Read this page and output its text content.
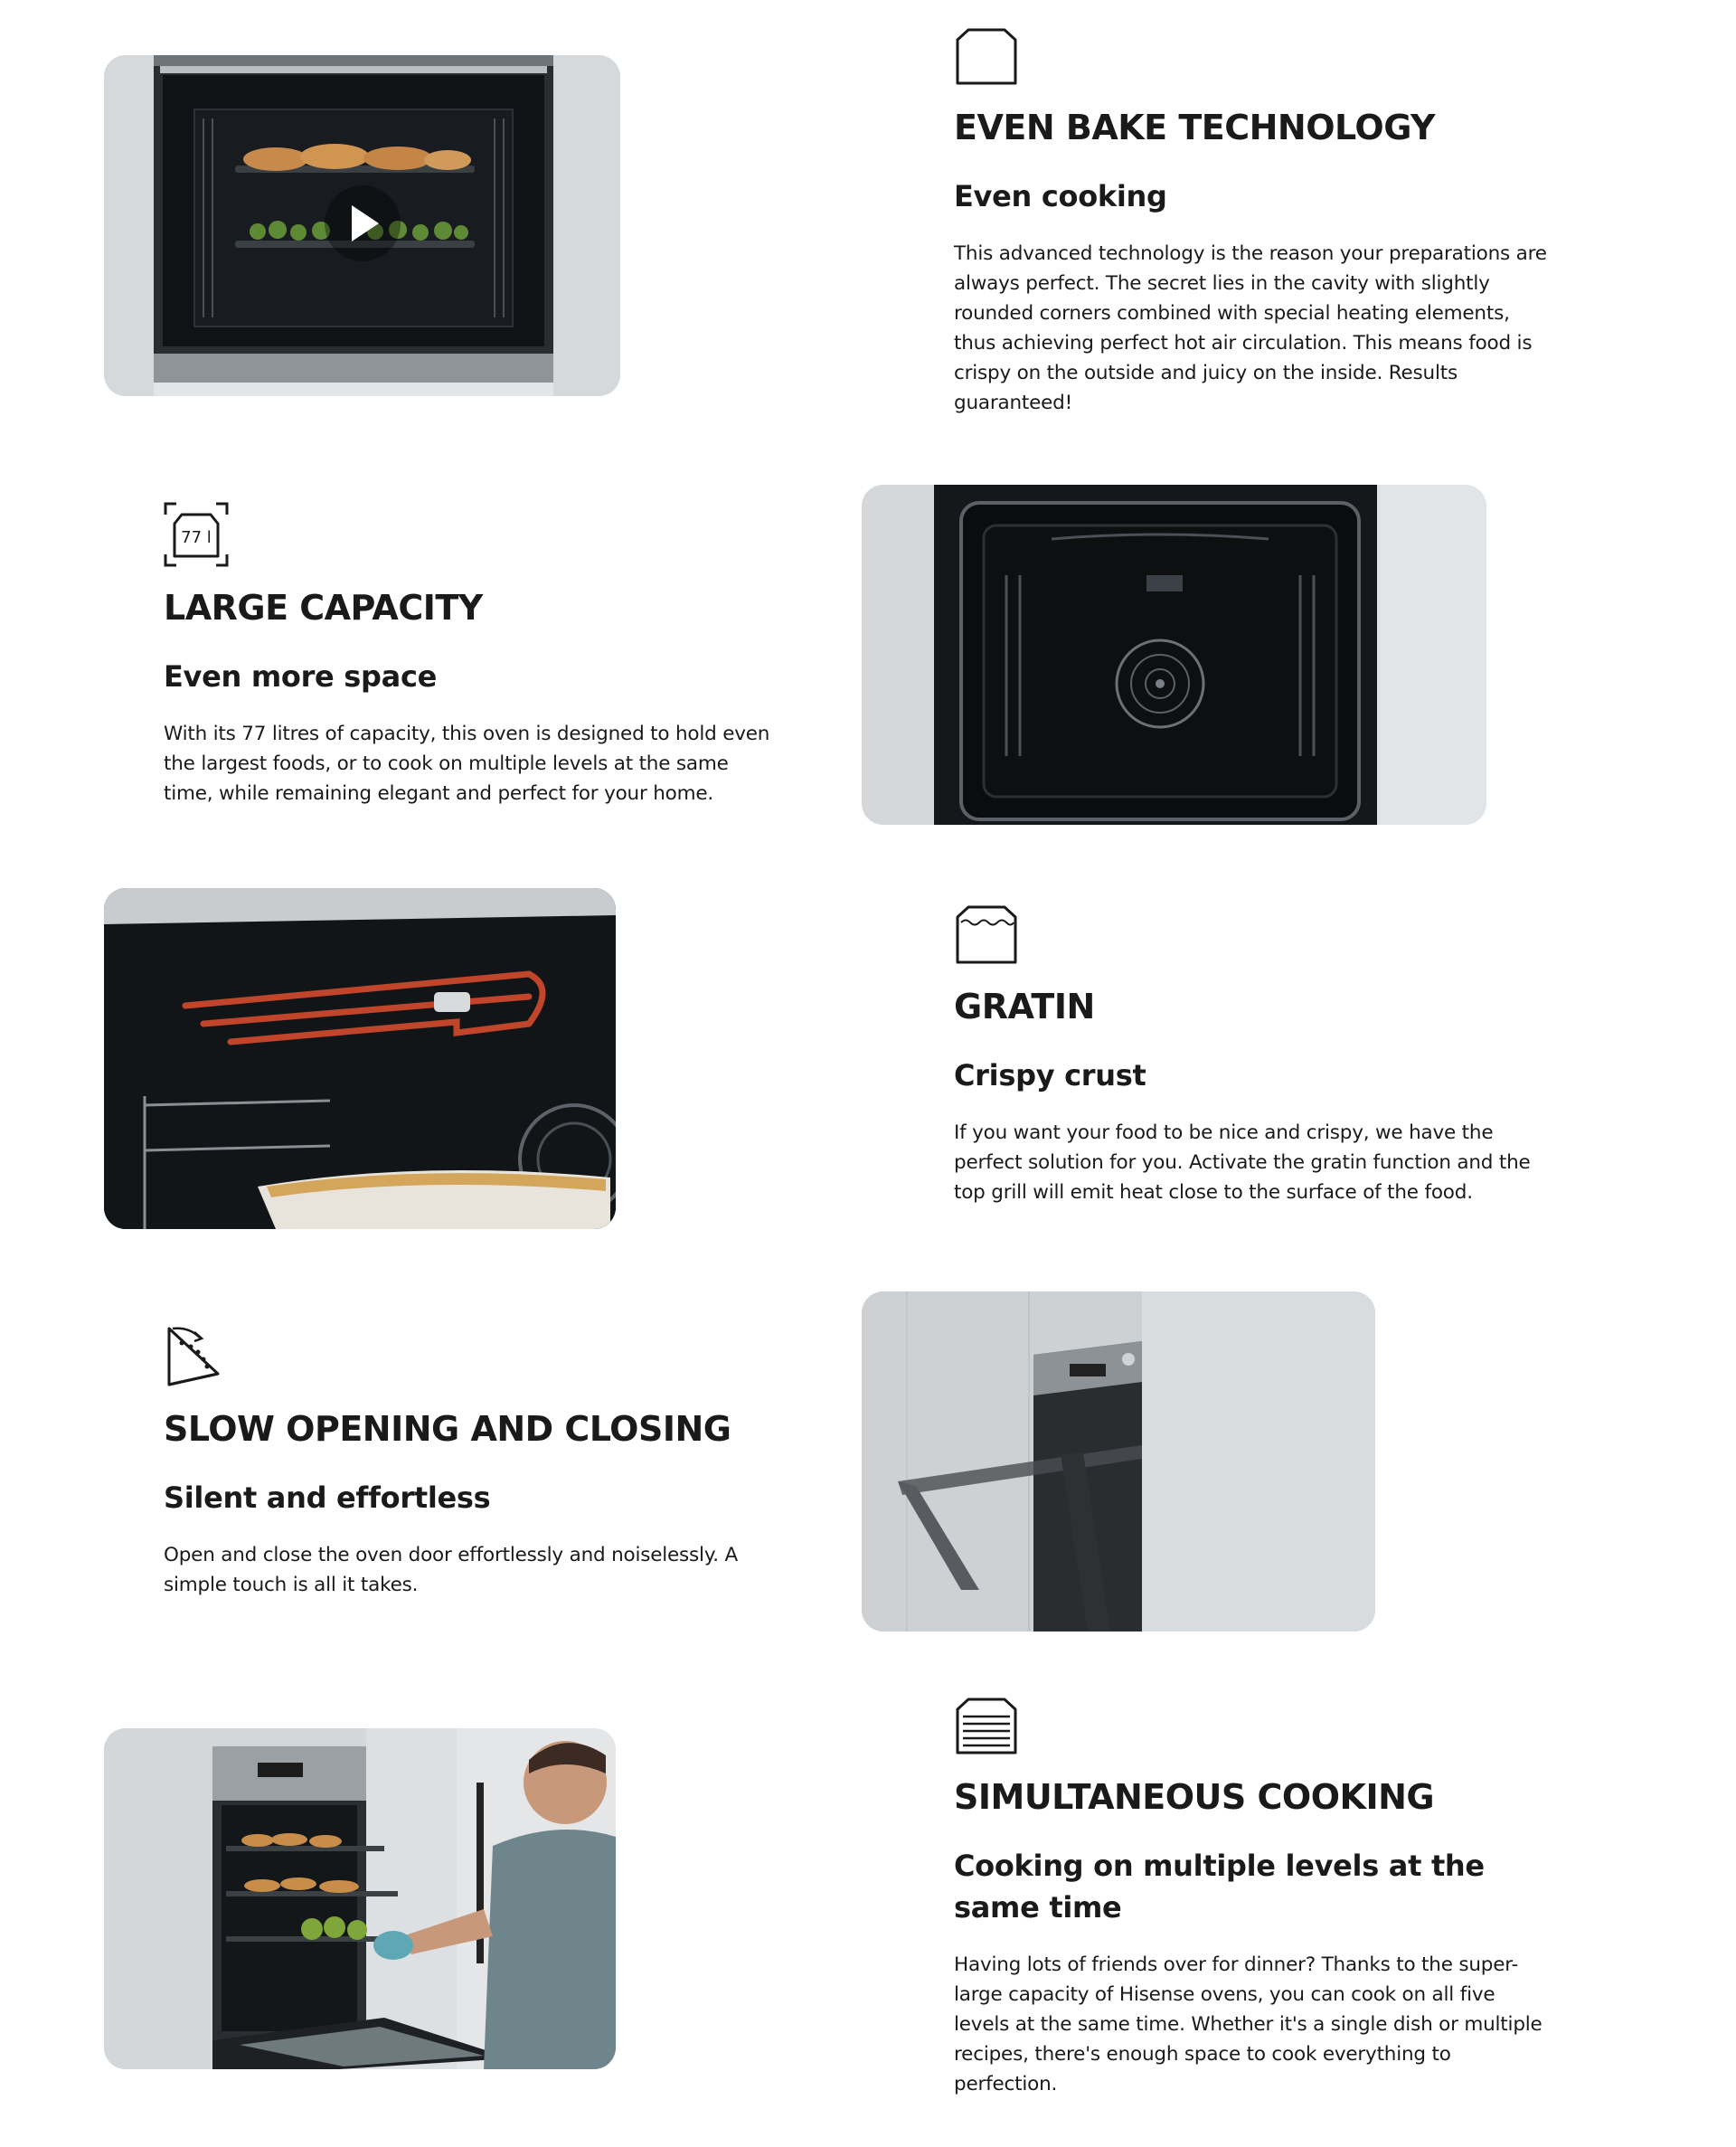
EVEN BAKE TECHNOLOGY
Even cooking

This advanced technology is the reason your preparations are always perfect. The secret lies in the cavity with slightly rounded corners combined with special heating elements, thus achieving perfect hot air circulation. This means food is crispy on the outside and juicy on the inside. Results guaranteed!

77 l
LARGE CAPACITY
Even more space

With its 77 litres of capacity, this oven is designed to hold even the largest foods, or to cook on multiple levels at the same time, while remaining elegant and perfect for your home.

GRATIN
Crispy crust

If you want your food to be nice and crispy, we have the perfect solution for you. Activate the gratin function and the top grill will emit heat close to the surface of the food.

SLOW OPENING AND CLOSING
Silent and effortless

Open and close the oven door effortlessly and noiselessly. A simple touch is all it takes.

SIMULTANEOUS COOKING
Cooking on multiple levels at the same time

Having lots of friends over for dinner? Thanks to the super-large capacity of Hisense ovens, you can cook on all five levels at the same time. Whether it's a single dish or multiple recipes, there's enough space to cook everything to perfection.
